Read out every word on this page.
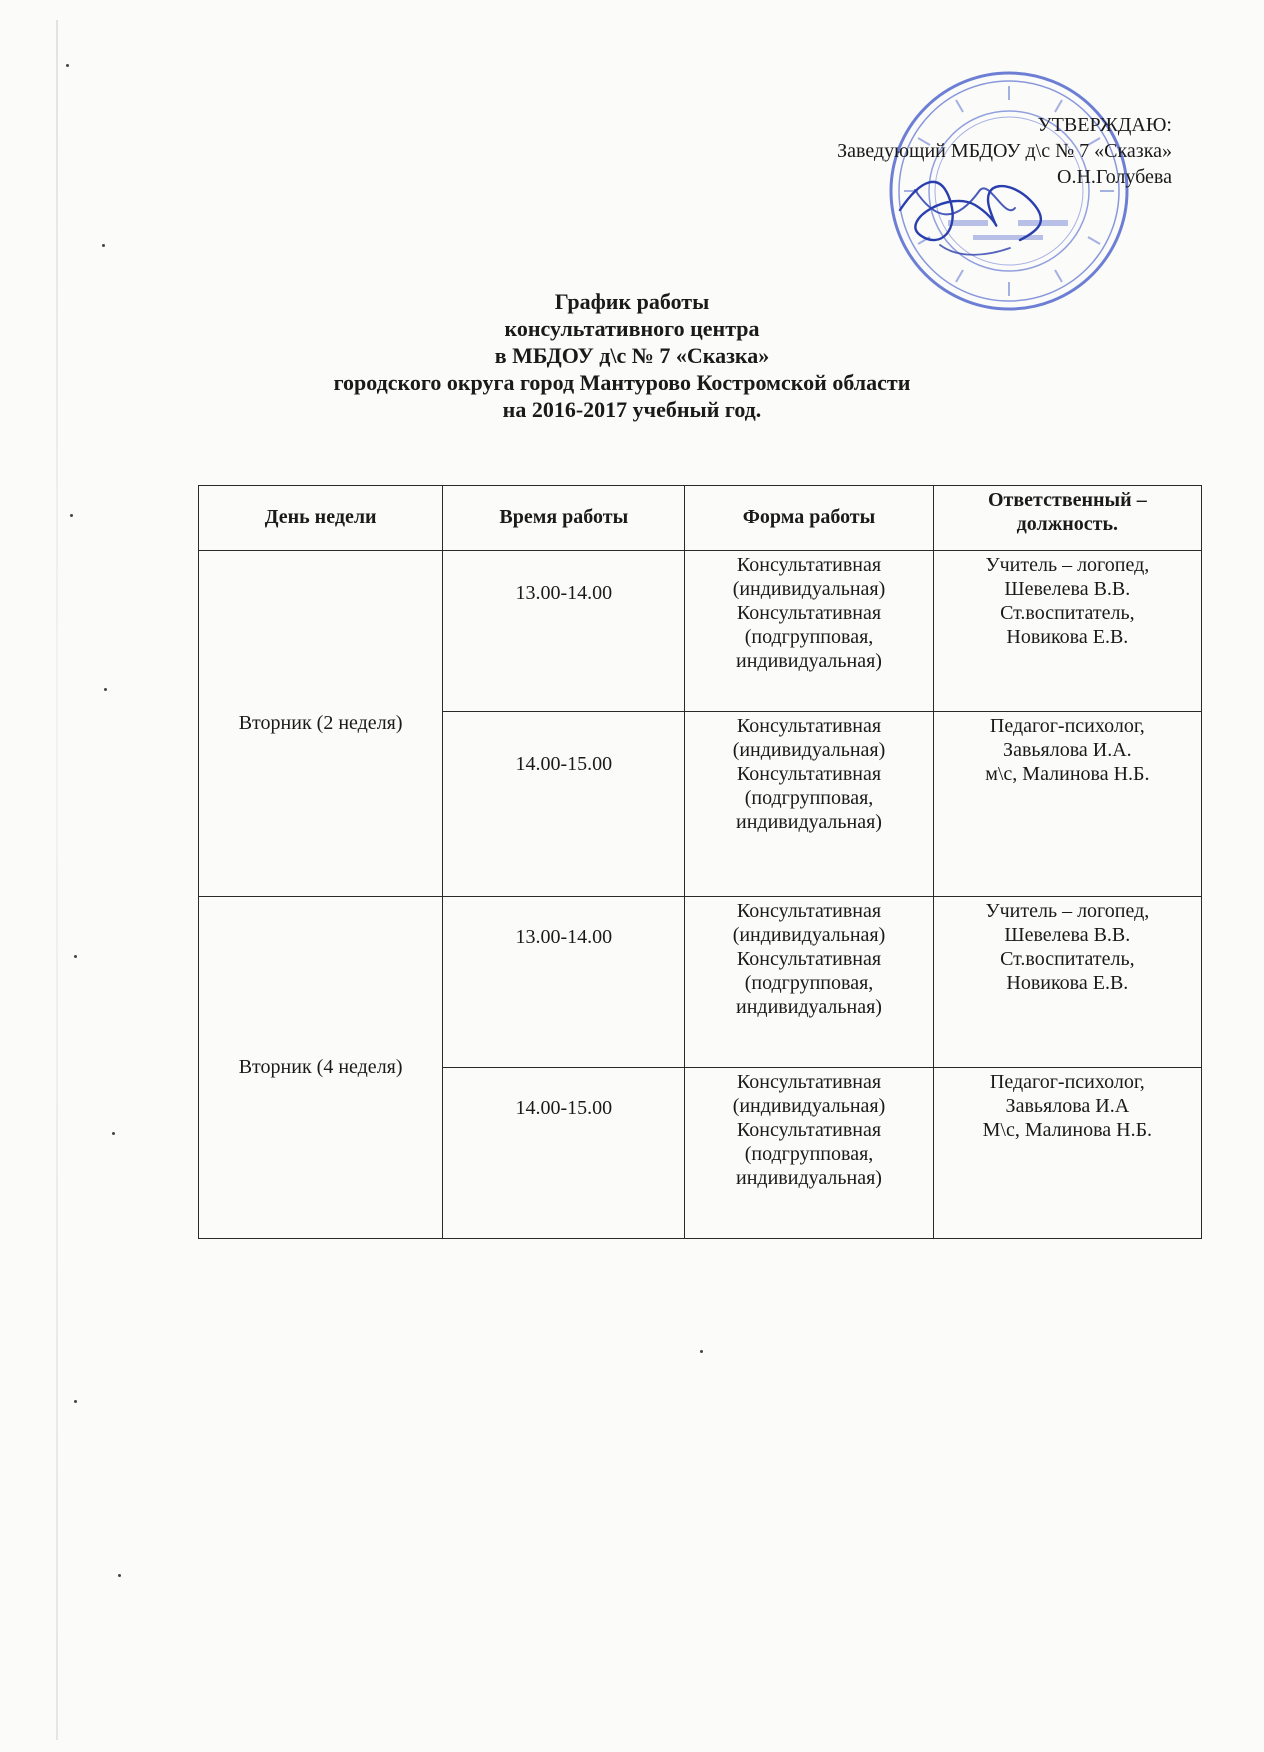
УТВЕРЖДАЮ:
Заведующий МБДОУ д\с № 7 «Сказка»
О.Н.Голубева
График работы
консультативного центра
в МБДОУ д\с № 7 «Сказка»
городского округа город Мантурово Костромской области
на 2016-2017 учебный год.
День недели	Время работы	Форма работы	Ответственный –
должность.

Вторник (2 неделя)	13.00-14.00	Консультативная
(индивидуальная)
Консультативная
(подгрупповая,
индивидуальная)	Учитель – логопед,
Шевелева В.В.
Ст.воспитатель,
Новикова Е.В.

	14.00-15.00	Консультативная
(индивидуальная)
Консультативная
(подгрупповая,
индивидуальная)	Педагог-психолог,
Завьялова И.А.
м\с, Малинова Н.Б.

Вторник (4 неделя)	13.00-14.00	Консультативная
(индивидуальная)
Консультативная
(подгрупповая,
индивидуальная)	Учитель – логопед,
Шевелева В.В.
Ст.воспитатель,
Новикова Е.В.

	14.00-15.00	Консультативная
(индивидуальная)
Консультативная
(подгрупповая,
индивидуальная)	Педагог-психолог,
Завьялова И.А
М\с, Малинова Н.Б.
